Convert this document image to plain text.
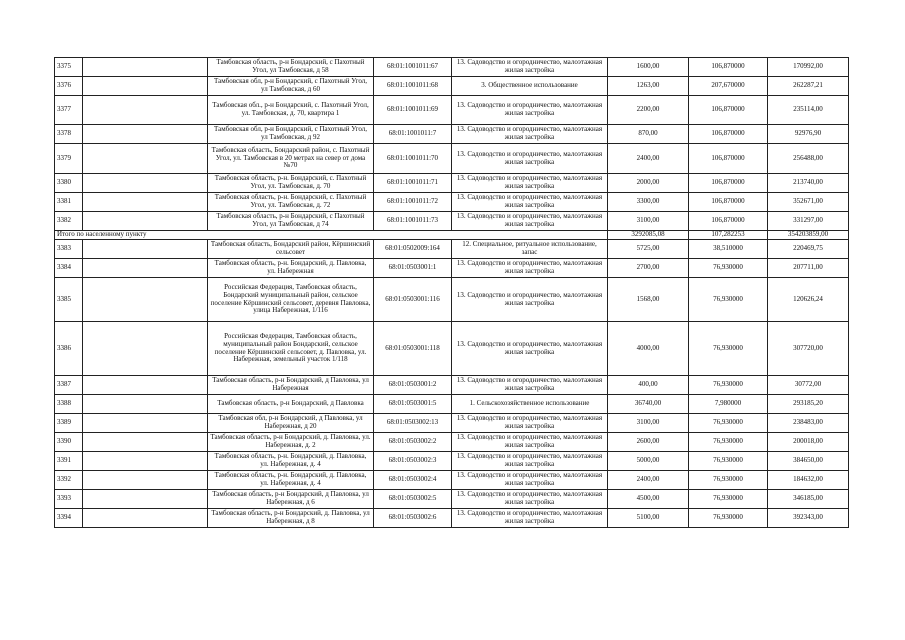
3375		Тамбовская область, р-н Бондарский, с Пахотный Угол, ул Тамбовская, д 58	68:01:1001011:67	13. Садоводство и огородничество, малоэтажная жилая застройка	1600,00	106,870000	170992,00
3376		Тамбовская обл, р-н Бондарский, с Пахотный Угол, ул Тамбовская, д 60	68:01:1001011:68	3. Общественное использование	1263,00	207,670000	262287,21
3377		Тамбовская обл., р-н Бондарский, с. Пахотный Угол, ул. Тамбовская, д. 70, квартира 1	68:01:1001011:69	13. Садоводство и огородничество, малоэтажная жилая застройка	2200,00	106,870000	235114,00
3378		Тамбовская обл, р-н Бондарский, с Пахотный Угол, ул Тамбовская, д 92	68:01:1001011:7	13. Садоводство и огородничество, малоэтажная жилая застройка	870,00	106,870000	92976,90
3379		Тамбовская область, Бондарский район, с. Пахотный Угол, ул. Тамбовская в 20 метрах на север от дома №70	68:01:1001011:70	13. Садоводство и огородничество, малоэтажная жилая застройка	2400,00	106,870000	256488,00
3380		Тамбовская область, р-н. Бондарский, с. Пахотный Угол, ул. Тамбовская, д. 70	68:01:1001011:71	13. Садоводство и огородничество, малоэтажная жилая застройка	2000,00	106,870000	213740,00
3381		Тамбовская область, р-н. Бондарский, с. Пахотный Угол, ул. Тамбовская, д. 72	68:01:1001011:72	13. Садоводство и огородничество, малоэтажная жилая застройка	3300,00	106,870000	352671,00
3382		Тамбовская область, р-н Бондарский, с Пахотный Угол, ул Тамбовская, д 74	68:01:1001011:73	13. Садоводство и огородничество, малоэтажная жилая застройка	3100,00	106,870000	331297,00
Итого по населенному пункту					3292085,08	107,282253	354203859,00
3383		Тамбовская область, Бондарский район, Кёршинский сельсовет	68:01:0502009:164	12. Специальное, ритуальное использование, запас	5725,00	38,510000	220469,75
3384		Тамбовская область, р-н. Бондарский, д. Павловка, ул. Набережная	68:01:0503001:1	13. Садоводство и огородничество, малоэтажная жилая застройка	2700,00	76,930000	207711,00
3385		Российская Федерация, Тамбовская область, Бондарский муниципальный район, сельское поселение Кёршинский сельсовет, деревня Павловка, улица Набережная, 1/116	68:01:0503001:116	13. Садоводство и огородничество, малоэтажная жилая застройка	1568,00	76,930000	120626,24
3386		Российская Федерация, Тамбовская область, муниципальный район Бондарский, сельское поселение Кёршинский сельсовет, д. Павловка, ул. Набережная, земельный участок 1/118	68:01:0503001:118	13. Садоводство и огородничество, малоэтажная жилая застройка	4000,00	76,930000	307720,00
3387		Тамбовская область, р-н Бондарский, д Павловка, ул Набережная	68:01:0503001:2	13. Садоводство и огородничество, малоэтажная жилая застройка	400,00	76,930000	30772,00
3388		Тамбовская область, р-н Бондарский, д Павловка	68:01:0503001:5	1. Сельскохозяйственное использование	36740,00	7,980000	293185,20
3389		Тамбовская обл, р-н Бондарский, д Павловка, ул Набережная, д 20	68:01:0503002:13	13. Садоводство и огородничество, малоэтажная жилая застройка	3100,00	76,930000	238483,00
3390		Тамбовская область, р-н Бондарский, д. Павловка, ул. Набережная, д. 2	68:01:0503002:2	13. Садоводство и огородничество, малоэтажная жилая застройка	2600,00	76,930000	200018,00
3391		Тамбовская область, р-н. Бондарский, д. Павловка, ул. Набережная, д. 4	68:01:0503002:3	13. Садоводство и огородничество, малоэтажная жилая застройка	5000,00	76,930000	384650,00
3392		Тамбовская область, р-н. Бондарский, д. Павловка, ул. Набережная, д. 4	68:01:0503002:4	13. Садоводство и огородничество, малоэтажная жилая застройка	2400,00	76,930000	184632,00
3393		Тамбовская область, р-н Бондарский, д Павловка, ул Набережная, д 6	68:01:0503002:5	13. Садоводство и огородничество, малоэтажная жилая застройка	4500,00	76,930000	346185,00
3394		Тамбовская область, р-н Бондарский, д. Павловка, ул Набережная, д 8	68:01:0503002:6	13. Садоводство и огородничество, малоэтажная жилая застройка	5100,00	76,930000	392343,00
